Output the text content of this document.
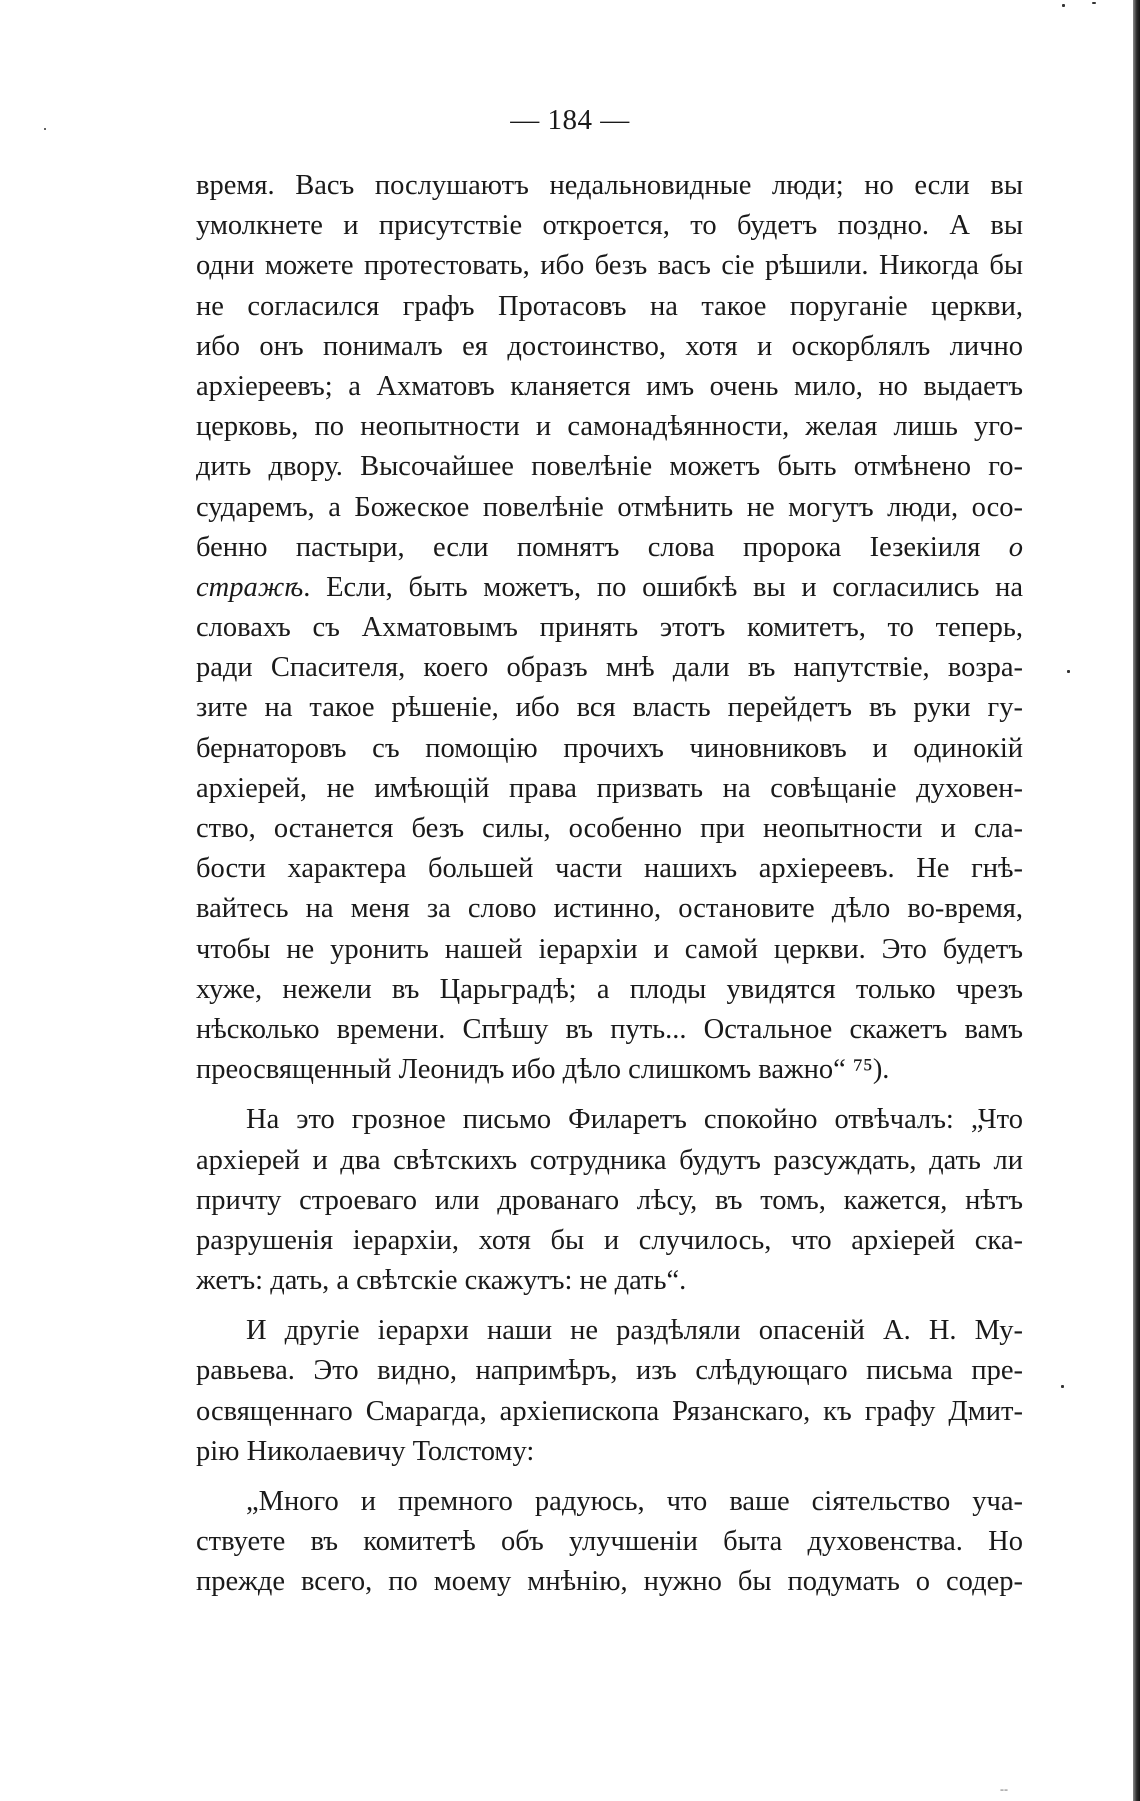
— 184 —
время. Васъ послушаютъ недальновидные люди; но если вы
умолкнете и присутствіе откроется, то будетъ поздно. А вы
одни можете протестовать, ибо безъ васъ сіе рѣшили. Никогда бы
не согласился графъ Протасовъ на такое поруганіе церкви,
ибо онъ понималъ ея достоинство, хотя и оскорблялъ лично
архіереевъ; а Ахматовъ кланяется имъ очень мило, но выдаетъ
церковь, по неопытности и самонадѣянности, желая лишь уго-
дить двору. Высочайшее повелѣніе можетъ быть отмѣнено го-
сударемъ, а Божеское повелѣніе отмѣнить не могутъ люди, осо-
бенно пастыри, если помнятъ слова пророка Іезекіиля о
стражѣ. Если, быть можетъ, по ошибкѣ вы и согласились на
словахъ съ Ахматовымъ принять этотъ комитетъ, то теперь,
ради Спасителя, коего образъ мнѣ дали въ напутствіе, возра-
зите на такое рѣшеніе, ибо вся власть перейдетъ въ руки гу-
бернаторовъ съ помощію прочихъ чиновниковъ и одинокій
архіерей, не имѣющій права призвать на совѣщаніе духовен-
ство, останется безъ силы, особенно при неопытности и сла-
бости характера большей части нашихъ архіереевъ. Не гнѣ-
вайтесь на меня за слово истинно, остановите дѣло во-время,
чтобы не уронить нашей іерархіи и самой церкви. Это будетъ
хуже, нежели въ Царьградѣ; а плоды увидятся только чрезъ
нѣсколько времени. Спѣшу въ путь... Остальное скажетъ вамъ
преосвященный Леонидъ ибо дѣло слишкомъ важно“ ⁷⁵).
На это грозное письмо Филаретъ спокойно отвѣчалъ: „Что
архіерей и два свѣтскихъ сотрудника будутъ разсуждать, дать ли
причту строеваго или дрованаго лѣсу, въ томъ, кажется, нѣтъ
разрушенія іерархіи, хотя бы и случилось, что архіерей ска-
жетъ: дать, а свѣтскіе скажутъ: не дать“.
И другіе іерархи наши не раздѣляли опасеній А. Н. Му-
равьева. Это видно, напримѣръ, изъ слѣдующаго письма пре-
освященнаго Смарагда, архіепископа Рязанскаго, къ графу Дмит-
рію Николаевичу Толстому:
„Много и премного радуюсь, что ваше сіятельство уча-
ствуете въ комитетѣ объ улучшеніи быта духовенства. Но
прежде всего, по моему мнѣнію, нужно бы подумать о содер-
--
